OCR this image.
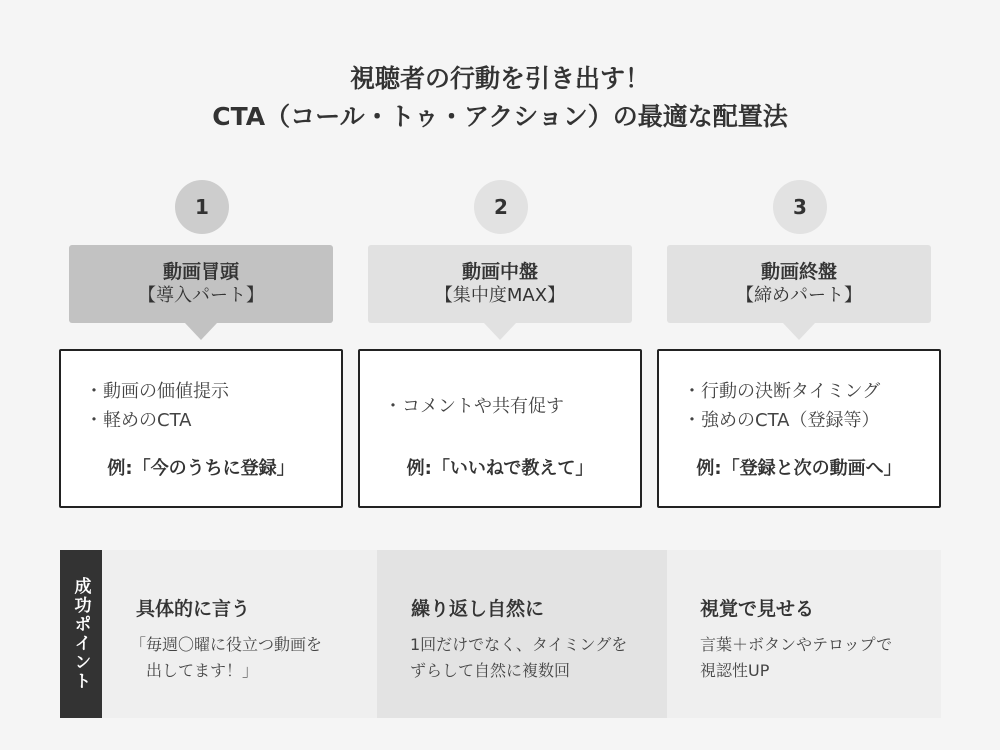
視聴者の行動を引き出す！
CTA（コール・トゥ・アクション）の最適な配置法
1
動画冒頭
【導入パート】
・動画の価値提示
・軽めのCTA
例:「今のうちに登録」
2
動画中盤
【集中度MAX】
・コメントや共有促す
例:「いいねで教えて」
3
動画終盤
【締めパート】
・行動の決断タイミング
・強めのCTA（登録等）
例:「登録と次の動画へ」
成功ポイント 具体的に言う
「毎週〇曜に役立つ動画を
　出してます！」
繰り返し自然に
1回だけでなく、タイミングを
ずらして自然に複数回
視覚で見せる
言葉＋ボタンやテロップで
視認性UP
